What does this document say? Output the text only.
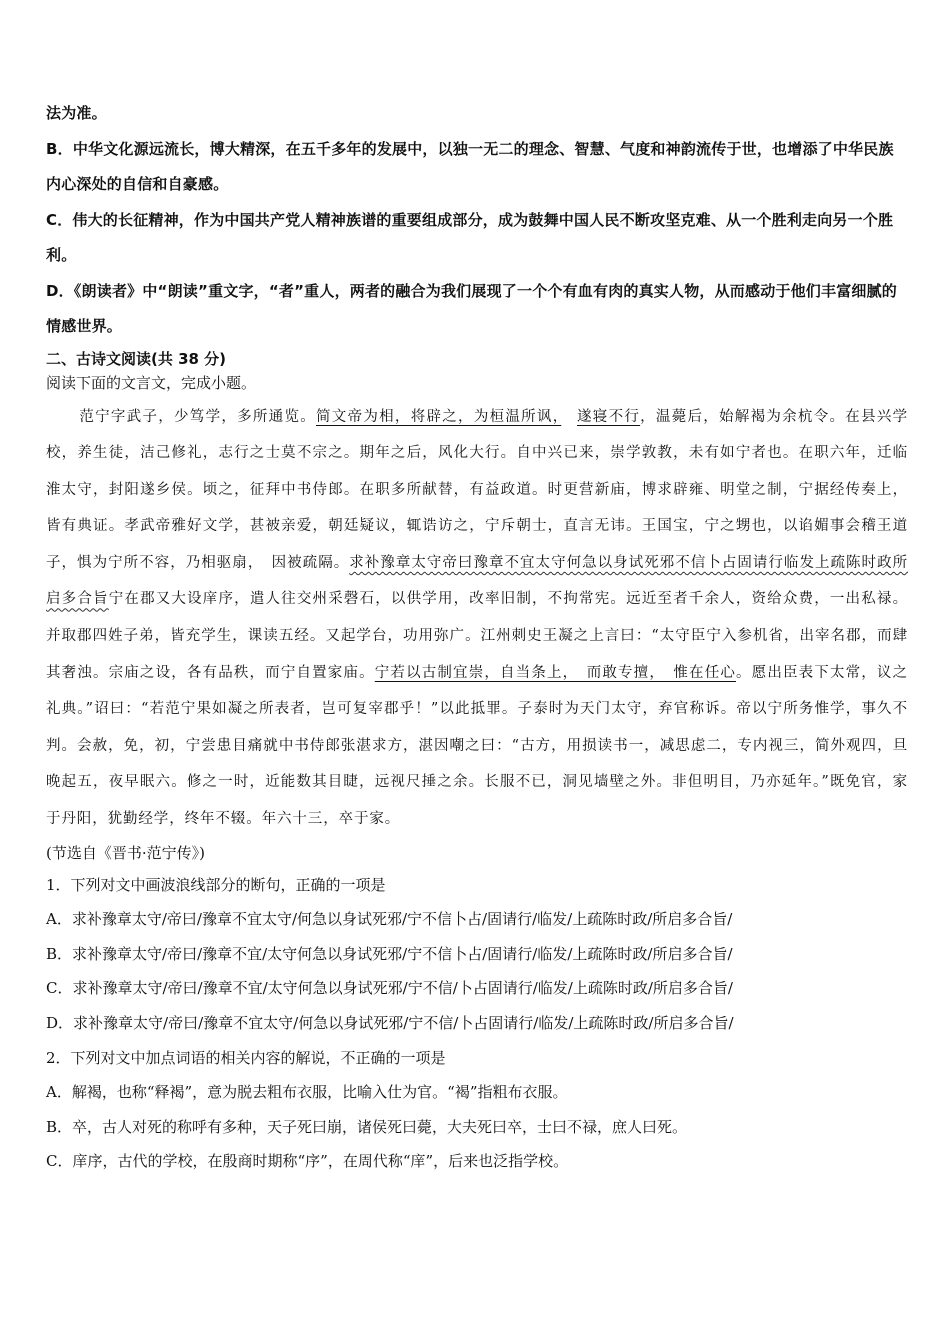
法为准。
B．中华文化源远流长，博大精深，在五千多年的发展中，以独一无二的理念、智慧、气度和神韵流传于世，也增添了中华民族内心深处的自信和自豪感。
C．伟大的长征精神，作为中国共产党人精神族谱的重要组成部分，成为鼓舞中国人民不断攻坚克难、从一个胜利走向另一个胜利。
D．《朗读者》中“朗读”重文字，“者”重人，两者的融合为我们展现了一个个有血有肉的真实人物，从而感动于他们丰富细腻的情感世界。
二、古诗文阅读(共 38 分)
阅读下面的文言文，完成小题。
范宁字武子，少笃学，多所通览。简文帝为相，将辟之，为桓温所讽，　 遂寝不行，温薨后，始解褐为余杭令。在县兴学校，养生徒，洁己修礼，志行之士莫不宗之。期年之后，风化大行。自中兴已来，崇学敦教，未有如宁者也。在职六年，迁临淮太守，封阳遂乡侯。顷之，征拜中书侍郎。在职多所献替，有益政道。时更营新庙，博求辟雍、明堂之制，宁据经传奏上，皆有典证。孝武帝雅好文学，甚被亲爱，朝廷疑议，辄诰访之，宁斥朝士，直言无讳。王国宝，宁之甥也，以谄媚事会稽王道子，惧为宁所不容，乃相驱扇，　因被疏隔。求补豫章太守帝曰豫章不宜太守何急以身试死邪不信卜占固请行临发上疏陈时政所启多合旨宁在郡又大设庠序，遣人往交州采磬石，以供学用，改率旧制，不拘常宪。远近至者千余人，资给众费，一出私禄。并取郡四姓子弟，皆充学生，课读五经。又起学台，功用弥广。江州刺史王凝之上言曰：“太守臣宁入参机省，出宰名郡，而肆其奢浊。宗庙之设，各有品秩，而宁自置家庙。宁若以古制宜崇，自当条上，　而敢专擅，　惟在任心。愿出臣表下太常，议之礼典。”诏曰：“若范宁果如凝之所表者，岂可复宰郡乎！”以此抵罪。子泰时为天门太守，弃官称诉。帝以宁所务惟学，事久不判。会赦，免，初，宁尝患目痛就中书侍郎张湛求方，湛因嘲之曰：“古方，用损读书一，减思虑二，专内视三，简外观四，旦晚起五，夜早眠六。修之一时，近能数其目睫，远视尺捶之余。长服不已，洞见墙壁之外。非但明目，乃亦延年。”既免官，家于丹阳，犹勤经学，终年不辍。年六十三，卒于家。
(节选自《晋书·范宁传》)
1．下列对文中画波浪线部分的断句，正确的一项是
A．求补豫章太守/帝曰/豫章不宜太守/何急以身试死邪/宁不信卜占/固请行/临发/上疏陈时政/所启多合旨/
B．求补豫章太守/帝曰/豫章不宜/太守何急以身试死邪/宁不信卜占/固请行/临发/上疏陈时政/所启多合旨/
C．求补豫章太守/帝曰/豫章不宜/太守何急以身试死邪/宁不信/卜占固请行/临发/上疏陈时政/所启多合旨/
D．求补豫章太守/帝曰/豫章不宜太守/何急以身试死邪/宁不信/卜占固请行/临发/上疏陈时政/所启多合旨/
2．下列对文中加点词语的相关内容的解说，不正确的一项是
A．解褐，也称“释褐”，意为脱去粗布衣服，比喻入仕为官。“褐”指粗布衣服。
B．卒，古人对死的称呼有多种，天子死曰崩，诸侯死曰薨，大夫死曰卒，士曰不禄，庶人曰死。
C．庠序，古代的学校，在殷商时期称“序”，在周代称“庠”，后来也泛指学校。
